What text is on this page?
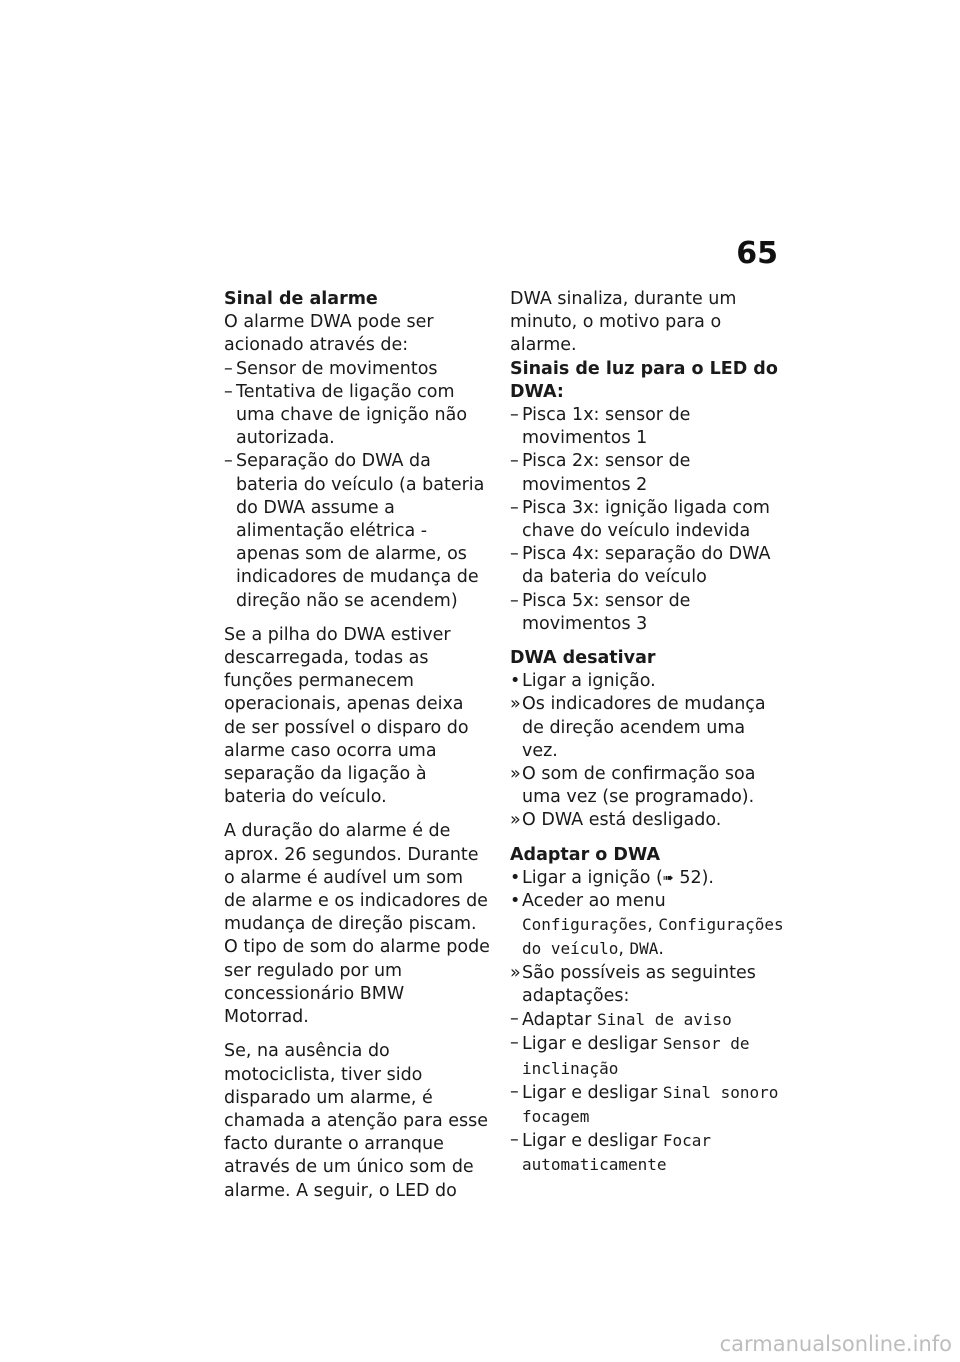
65
Sinal de alarme

O alarme DWA pode ser acionado através de:

– Sensor de movimentos
– Tentativa de ligação com uma chave de ignição não autorizada.
– Separação do DWA da bateria do veículo (a bateria do DWA assume a alimentação elétrica - apenas som de alarme, os indicadores de mudança de direção não se acendem)

Se a pilha do DWA estiver descarregada, todas as funções permanecem operacionais, apenas deixa de ser possível o disparo do alarme caso ocorra uma separação da ligação à bateria do veículo.

A duração do alarme é de aprox. 26 segundos. Durante o alarme é audível um som de alarme e os indicadores de mudança de direção piscam.

O tipo de som do alarme pode ser regulado por um concessionário BMW Motorrad.

Se, na ausência do motociclista, tiver sido disparado um alarme, é chamada a atenção para esse facto durante o arranque através de um único som de alarme. A seguir, o LED do

DWA sinaliza, durante um minuto, o motivo para o alarme.

Sinais de luz para o LED do DWA:
– Pisca 1x: sensor de movimentos 1
– Pisca 2x: sensor de movimentos 2
– Pisca 3x: ignição ligada com chave do veículo indevida
– Pisca 4x: separação do DWA da bateria do veículo
– Pisca 5x: sensor de movimentos 3
DWA desativar
• Ligar a ignição.
» Os indicadores de mudança de direção acendem uma vez.
» O som de confirmação soa uma vez (se programado).
» O DWA está desligado.
Adaptar o DWA
• Ligar a ignição (➠ 52).
• Aceder ao menu Configurações, Configurações do veículo, DWA.
» São possíveis as seguintes adaptações:
– Adaptar Sinal de aviso
– Ligar e desligar Sensor de inclinação
– Ligar e desligar Sinal sonoro focagem
– Ligar e desligar Focar automaticamente
carmanualsonline.info
